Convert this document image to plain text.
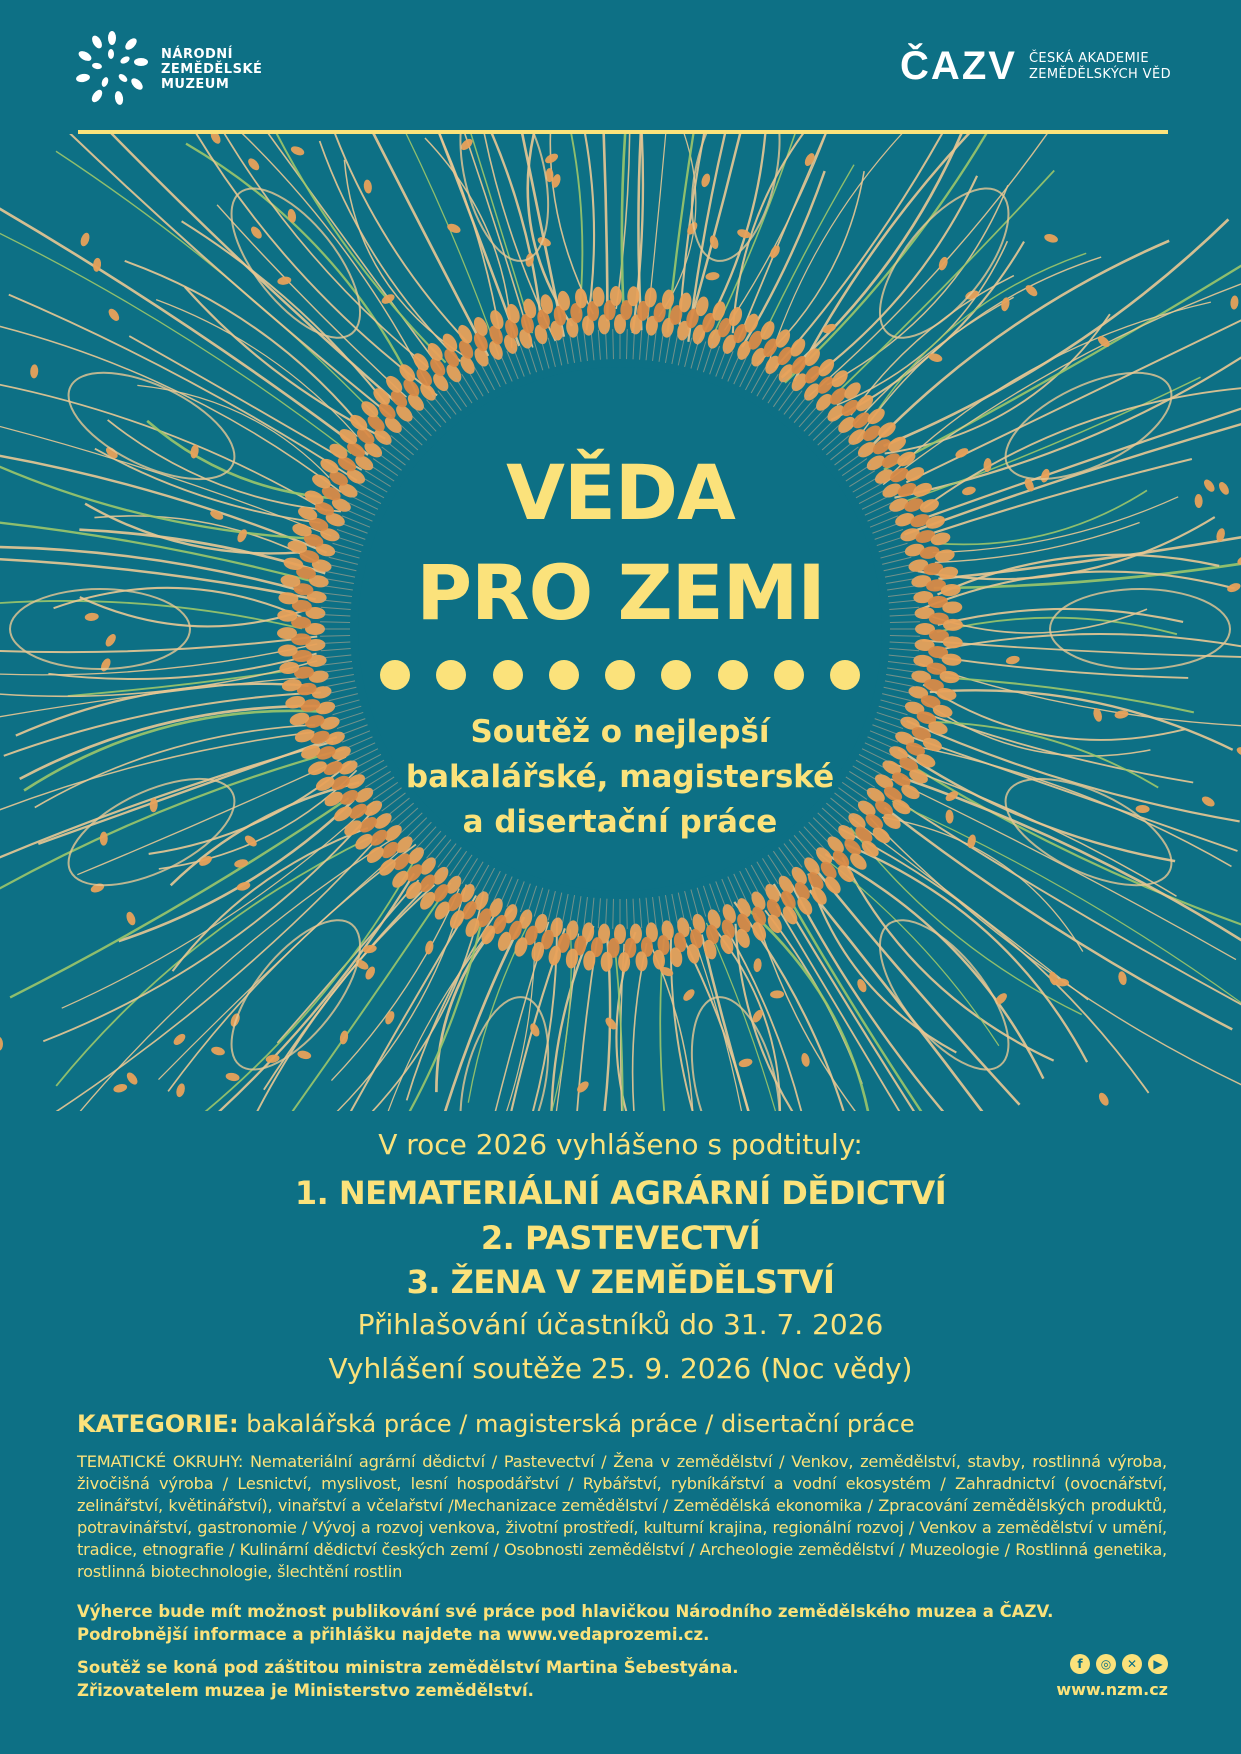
NÁRODNÍ
ZEMĚDĚLSKÉ
MUZEUM	ČAZV ČESKÁ AKADEMIE
ZEMĚDĚLSKÝCH VĚD
VĚDA
PRO ZEMI
Soutěž o nejlepší
bakalářské, magisterské
a disertační práce
V roce 2026 vyhlášeno s podtituly:
1. NEMATERIÁLNÍ AGRÁRNÍ DĚDICTVÍ
2. PASTEVECTVÍ
3. ŽENA V ZEMĚDĚLSTVÍ
Přihlašování účastníků do 31. 7. 2026
Vyhlášení soutěže 25. 9. 2026 (Noc vědy)
KATEGORIE: bakalářská práce / magisterská práce / disertační práce
TEMATICKÉ OKRUHY: Nemateriální agrární dědictví / Pastevectví / Žena v zemědělství / Venkov, zemědělství, stavby, rostlinná výroba, živočišná výroba / Lesnictví, myslivost, lesní hospodářství / Rybářství, rybníkářství a vodní ekosystém / Zahradnictví (ovocnářství, zelinářství, květinářství), vinařství a včelařství /Mechanizace zemědělství / Zemědělská ekonomika / Zpracování zemědělských produktů, potravinářství, gastronomie / Vývoj a rozvoj venkova, životní prostředí, kulturní krajina, regionální rozvoj / Venkov a zemědělství v umění, tradice, etnografie / Kulinární dědictví českých zemí / Osobnosti zemědělství / Archeologie zemědělství / Muzeologie / Rostlinná genetika, rostlinná biotechnologie, šlechtění rostlin
Výherce bude mít možnost publikování své práce pod hlavičkou Národního zemědělského muzea a ČAZV.
Podrobnější informace a přihlášku najdete na www.vedaprozemi.cz.
Soutěž se koná pod záštitou ministra zemědělství Martina Šebestyána.
Zřizovatelem muzea je Ministerstvo zemědělství.
f	◎	✕	▶
www.nzm.cz
